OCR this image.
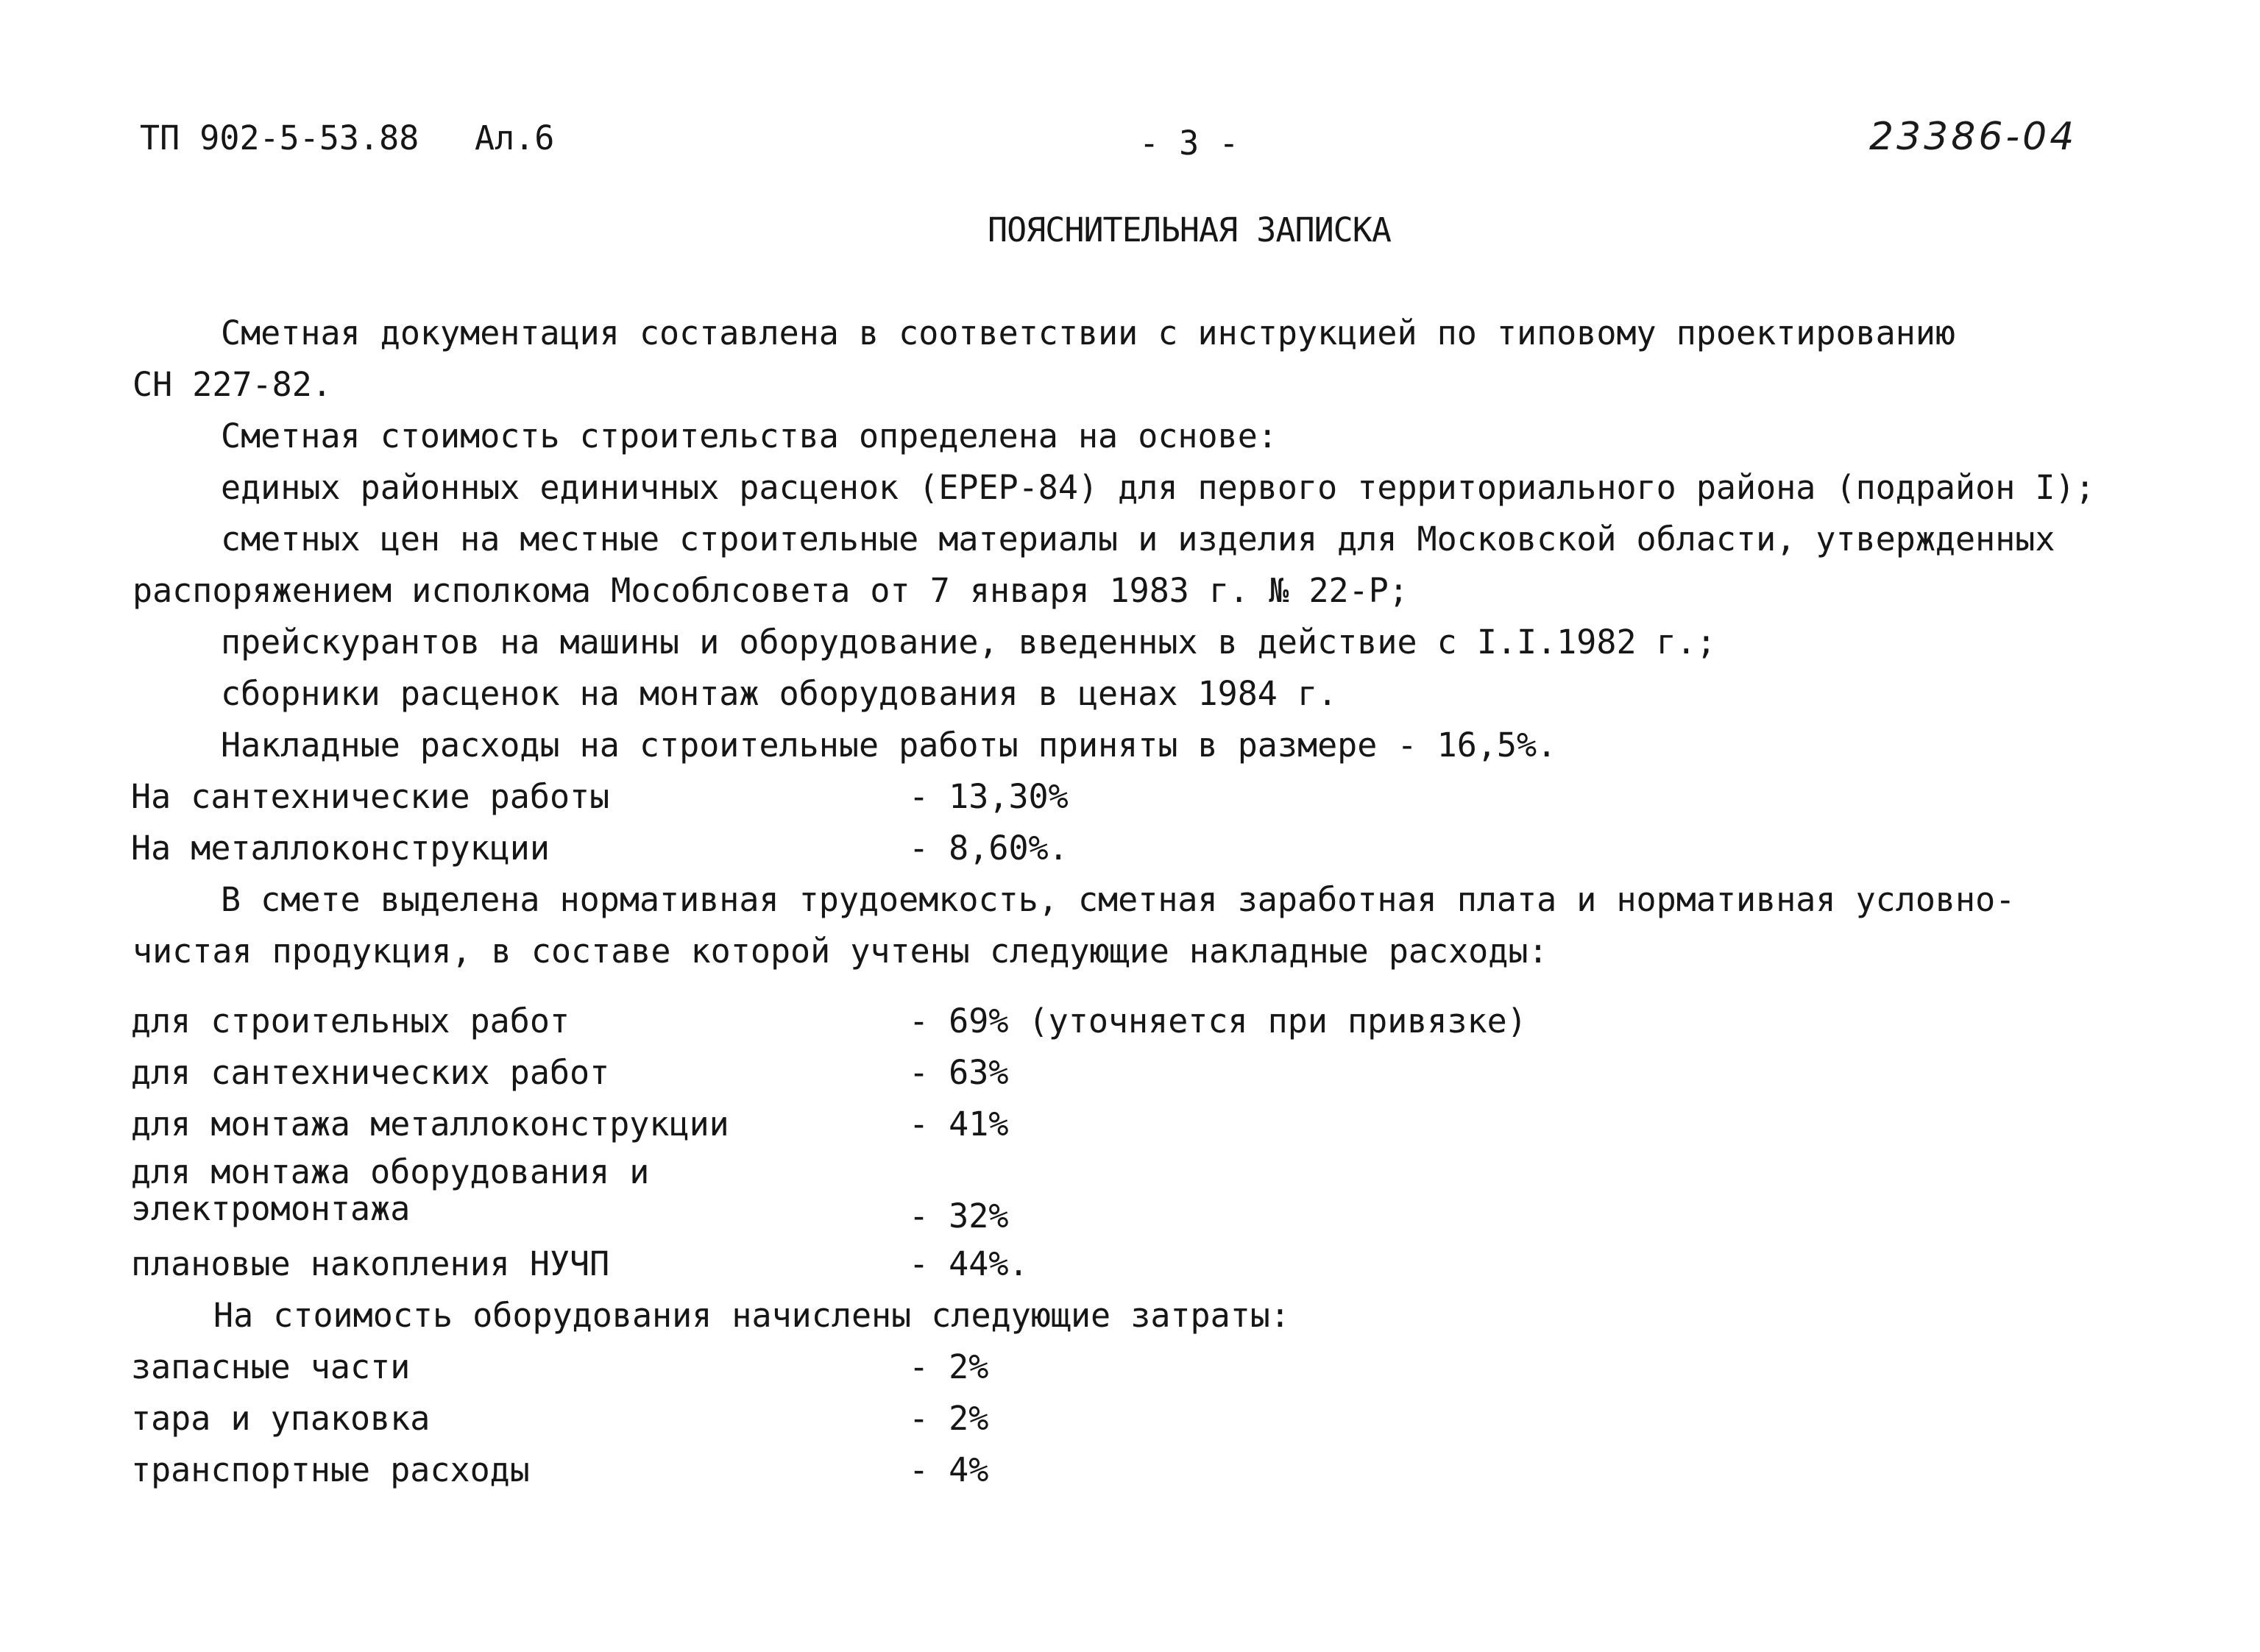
ТП 902-5-53.88 Ал.6	- 3 -	23386-04
ПОЯСНИТЕЛЬНАЯ ЗАПИСКА
Сметная документация составлена в соответствии с инструкцией по типовому проектированию
СН 227-82.
Сметная стоимость строительства определена на основе:
единых районных единичных расценок (ЕРЕР-84) для первого территориального района (подрайон I);
сметных цен на местные строительные материалы и изделия для Московской области, утвержденных
распоряжением исполкома Мособлсовета от 7 января 1983 г. № 22-Р;
прейскурантов на машины и оборудование, введенных в действие с I.I.1982 г.;
сборники расценок на монтаж оборудования в ценах 1984 г.
Накладные расходы на строительные работы приняты в размере - 16,5%.
На сантехнические работы	- 13,30%
На металлоконструкции	- 8,60%.
В смете выделена нормативная трудоемкость, сметная заработная плата и нормативная условно-
чистая продукция, в составе которой учтены следующие накладные расходы:
для строительных работ	- 69% (уточняется при привязке)
для сантехнических работ	- 63%
для монтажа металлоконструкции	- 41%
для монтажа оборудования и
электромонтажа	- 32%
плановые накопления НУЧП	- 44%.
На стоимость оборудования начислены следующие затраты:
запасные части	- 2%
тара и упаковка	- 2%
транспортные расходы	- 4%
